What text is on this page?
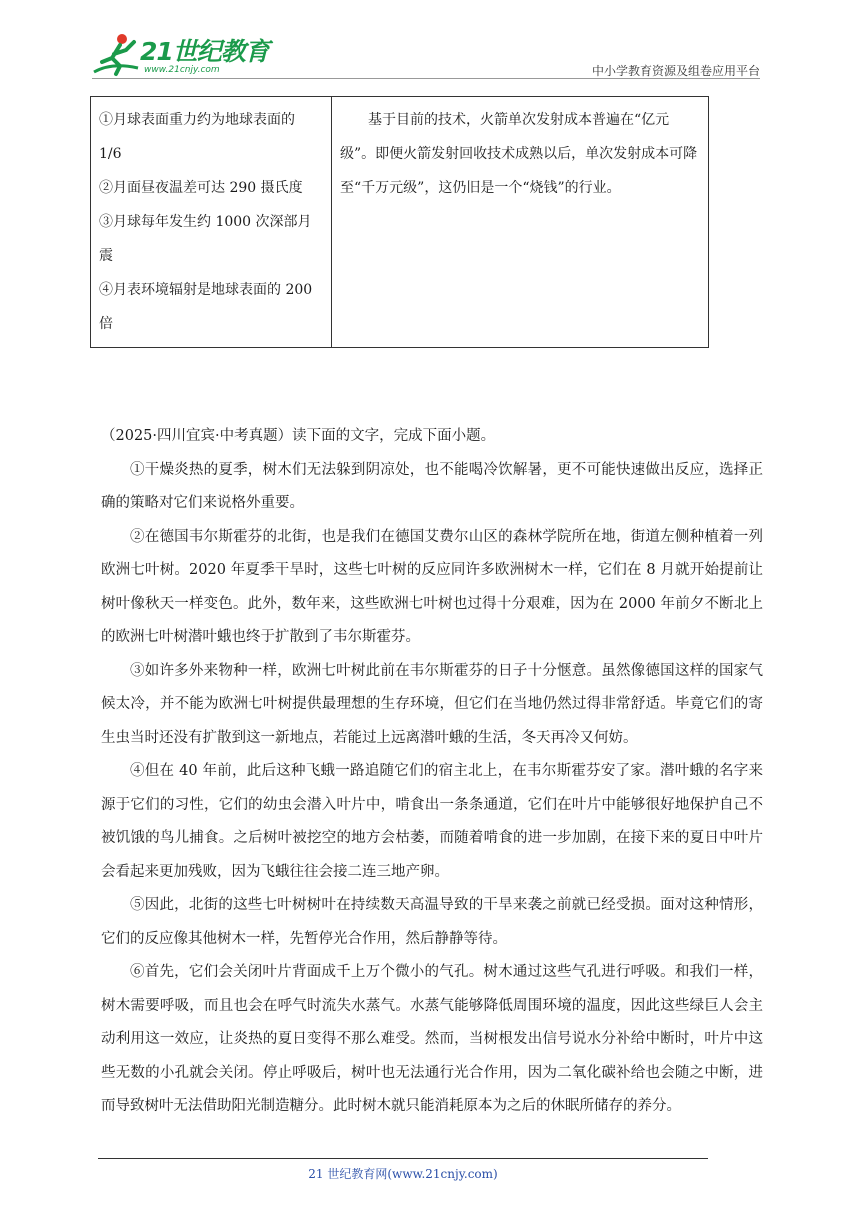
21世纪教育
www.21cnjy.com	中小学教育资源及组卷应用平台
①月球表面重力约为地球表面的
1/6
②月面昼夜温差可达 290 摄氏度
③月球每年发生约 1000 次深部月
震
④月表环境辐射是地球表面的 200
倍

基于目前的技术，火箭单次发射成本普遍在“亿元级”。即便火箭发射回收技术成熟以后，单次发射成本可降至“千万元级”，这仍旧是一个“烧钱”的行业。

（2025·四川宜宾·中考真题）读下面的文字，完成下面小题。

①干燥炎热的夏季，树木们无法躲到阴凉处，也不能喝冷饮解暑，更不可能快速做出反应，选择正确的策略对它们来说格外重要。

②在德国韦尔斯霍芬的北街，也是我们在德国艾费尔山区的森林学院所在地，街道左侧种植着一列欧洲七叶树。2020 年夏季干旱时，这些七叶树的反应同许多欧洲树木一样，它们在 8 月就开始提前让树叶像秋天一样变色。此外，数年来，这些欧洲七叶树也过得十分艰难，因为在 2000 年前夕不断北上的欧洲七叶树潜叶蛾也终于扩散到了韦尔斯霍芬。

③如许多外来物种一样，欧洲七叶树此前在韦尔斯霍芬的日子十分惬意。虽然像德国这样的国家气候太冷，并不能为欧洲七叶树提供最理想的生存环境，但它们在当地仍然过得非常舒适。毕竟它们的寄生虫当时还没有扩散到这一新地点，若能过上远离潜叶蛾的生活，冬天再冷又何妨。

④但在 40 年前，此后这种飞蛾一路追随它们的宿主北上，在韦尔斯霍芬安了家。潜叶蛾的名字来源于它们的习性，它们的幼虫会潜入叶片中，啃食出一条条通道，它们在叶片中能够很好地保护自己不被饥饿的鸟儿捕食。之后树叶被挖空的地方会枯萎，而随着啃食的进一步加剧，在接下来的夏日中叶片会看起来更加残败，因为飞蛾往往会接二连三地产卵。

⑤因此，北街的这些七叶树树叶在持续数天高温导致的干旱来袭之前就已经受损。面对这种情形，它们的反应像其他树木一样，先暂停光合作用，然后静静等待。

⑥首先，它们会关闭叶片背面成千上万个微小的气孔。树木通过这些气孔进行呼吸。和我们一样，树木需要呼吸，而且也会在呼气时流失水蒸气。水蒸气能够降低周围环境的温度，因此这些绿巨人会主动利用这一效应，让炎热的夏日变得不那么难受。然而，当树根发出信号说水分补给中断时，叶片中这些无数的小孔就会关闭。停止呼吸后，树叶也无法通行光合作用，因为二氧化碳补给也会随之中断，进而导致树叶无法借助阳光制造糖分。此时树木就只能消耗原本为之后的休眠所储存的养分。

21 世纪教育网(www.21cnjy.com)
